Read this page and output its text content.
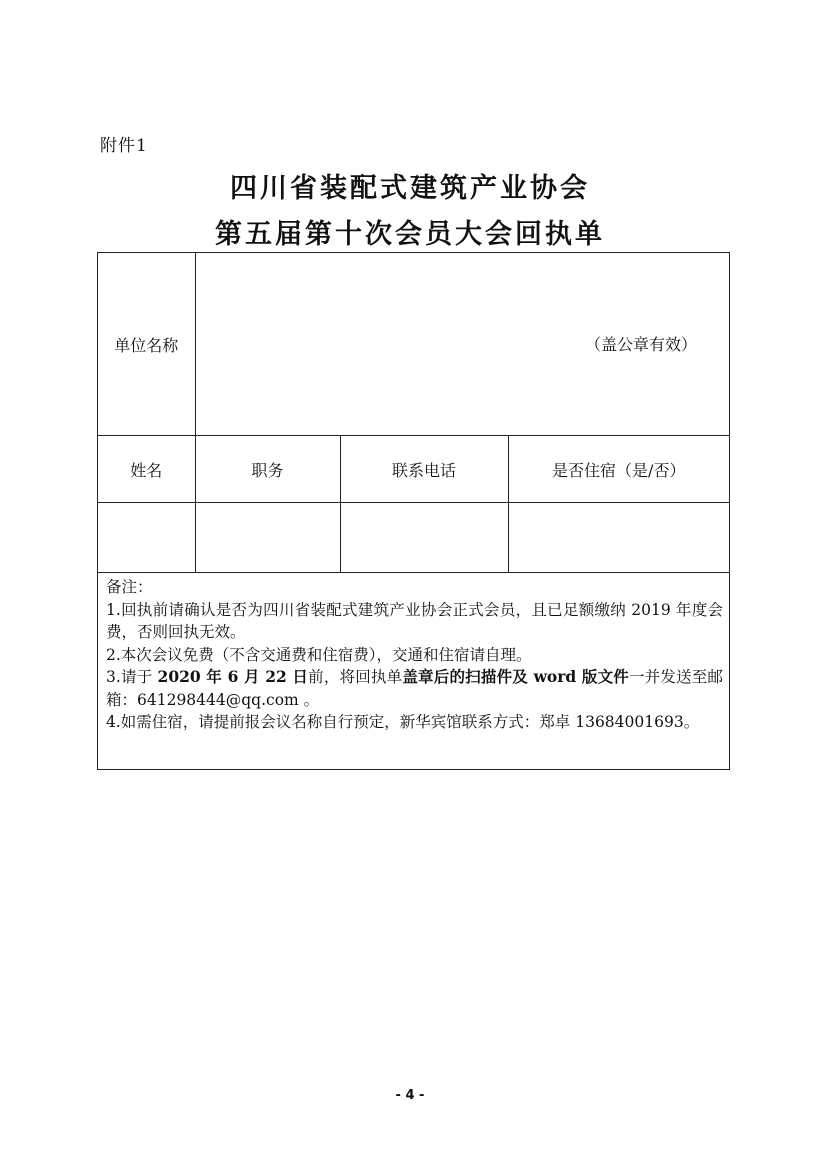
附件1
四川省装配式建筑产业协会
第五届第十次会员大会回执单
单位名称	（盖公章有效）		
姓名	职务	联系电话	是否住宿（是/否）

备注：
1.回执前请确认是否为四川省装配式建筑产业协会正式会员，且已足额缴纳 2019 年度会费，否则回执无效。
2.本次会议免费（不含交通费和住宿费），交通和住宿请自理。
3.请于 2020 年 6 月 22 日前，将回执单盖章后的扫描件及 word 版文件一并发送至邮箱：641298444@qq.com 。
4.如需住宿，请提前报会议名称自行预定，新华宾馆联系方式：郑卓 13684001693。
- 4 -
